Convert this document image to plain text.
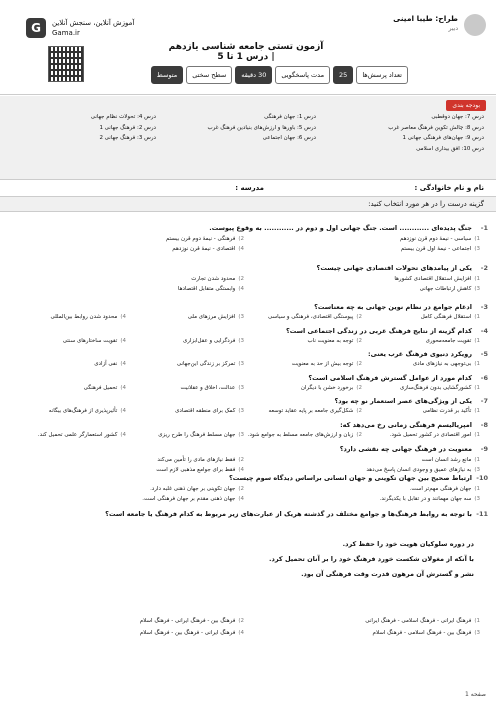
G	آموزش آنلاین، سنجش آنلاین
Gama.ir
طراح: طیبا امینی
دبیر
آزمون تستی جامعه شناسی یازدهم | درس 1 تا 5
تعداد پرسش‌ها
25
مدت پاسخگویی
30 دقیقه
سطح سختی
متوسط
بودجه بندی
درس 7: جهان دوقطبی
درس 8: چالش تکوین فرهنگ معاصر غرب
درس 9: جهان‌های فرهنگی جهانی 1
درس 10: افق بیداری اسلامی
درس 1: جهان فرهنگی
درس 5: باورها و ارزش‌های بنیادین فرهنگ غرب
درس 6: جهان اجتماعی
درس 4: تحولات نظام جهانی
درس 2: فرهنگ جهانی 1
درس 3: فرهنگ جهانی 2
نام و نام خانوادگی :
مدرسه :
گزینه درست را در هر مورد انتخاب کنید:
1-
جنگ پدیده‌ای ............ است. جنگ جهانی اول و دوم در ............ به وقوع پیوست.
1)
سیاسی - نیمهٔ دوم قرن نوزدهم
2)
فرهنگی - نیمهٔ دوم قرن بیستم
3)
اجتماعی - نیمهٔ اول قرن بیستم
4)
اقتصادی - نیمهٔ قرن نوزدهم
2-
یکی از پیامدهای تحولات اقتصادی جهانی چیست؟
1)
افزایش استقلال اقتصادی کشورها
2)
محدود شدن تجارت
3)
کاهش ارتباطات جهانی
4)
وابستگی متقابل اقتصادها
3-
ادغام جوامع در نظام نوین جهانی به چه معناست؟
1)
استقلال فرهنگی کامل
2)
پیوستگی اقتصادی، فرهنگی و سیاسی
3)
افزایش مرزهای ملی
4)
محدود شدن روابط بین‌المللی
4-
کدام گزینه از نتایج فرهنگ غربی در زندگی اجتماعی است؟
1)
تقویت جامعه‌محوری
2)
توجه به معنویت ناب
3)
فردگرایی و عقل‌ابزاری
4)
تقویت ساختارهای سنتی
5-
رویکرد دنیوی فرهنگ غرب یعنی:
1)
بی‌توجهی به نیازهای مادی
2)
توجه بیش از حد به معنویت
3)
تمرکز بر زندگی این‌جهانی
4)
نفی آزادی
6-
کدام مورد از عوامل گسترش فرهنگ اسلامی است؟
1)
کشورگشایی بدون فرهنگ‌سازی
2)
برخورد خشن با دیگران
3)
عدالت، اخلاق و عقلانیت
4)
تحمیل فرهنگی
7-
یکی از ویژگی‌های عصر استعمار نو چه بود؟
1)
تأکید بر قدرت نظامی
2)
شکل‌گیری جامعه بر پایه عقاید توسعه
3)
کمک برای منطقه اقتصادی
4)
تأثیرپذیری از فرهنگ‌های بیگانه
8-
امپریالیسم فرهنگی زمانی رخ می‌دهد که:
1)
امور اقتصادی در کشور تحمیل شود.
2)
زبان و ارزش‌های جامعه مسلط به جوامع شود.
3)
جهان مسلط فرهنگ را طرح ریزی
4)
کشور استعمارگر علمی تحمیل کند.
9-
معنویت در فرهنگ جهانی چه نقشی دارد؟
1)
مانع رشد انسان است
2)
فقط نیازهای مادی را تأمین می‌کند
3)
به نیازهای عمیق و وجودی انسان پاسخ می‌دهد
4)
فقط برای جوامع مذهبی لازم است
10-
ارتباط صحیح بین جهان تکوینی و جهان انسانی براساس دیدگاه سوم چیست؟
1)
جهان فرهنگی مهم‌تر است.
2)
جهان تکوینی بر جهان ذهنی غلبه دارد.
3)
سه جهان مهمانند و در تقابل با یکدیگرند.
4)
جهان ذهنی مقدم بر جهان فرهنگی است.
11-
با توجه به روابط فرهنگ‌ها و جوامع مختلف در گذشته هریک از عبارت‌های زیر مربوط به کدام فرهنگ یا جامعه است؟
1)
فرهنگ ایرانی - فرهنگ اسلامی - فرهنگ ایرانی
2)
فرهنگ بین - فرهنگ ایرانی - فرهنگ اسلام
3)
فرهنگ بین - فرهنگ اسلامی - فرهنگ اسلام
4)
فرهنگ ایرانی - فرهنگ بین - فرهنگ اسلام
در دوره سلوکیان هویت خود را حفظ کرد.
با آنکه از مغولان شکست خورد فرهنگ خود را بر آنان تحمیل کرد.
نشر و گسترش آن مرهون قدرت وقت فرهنگی آن بود.
صفحه 1
